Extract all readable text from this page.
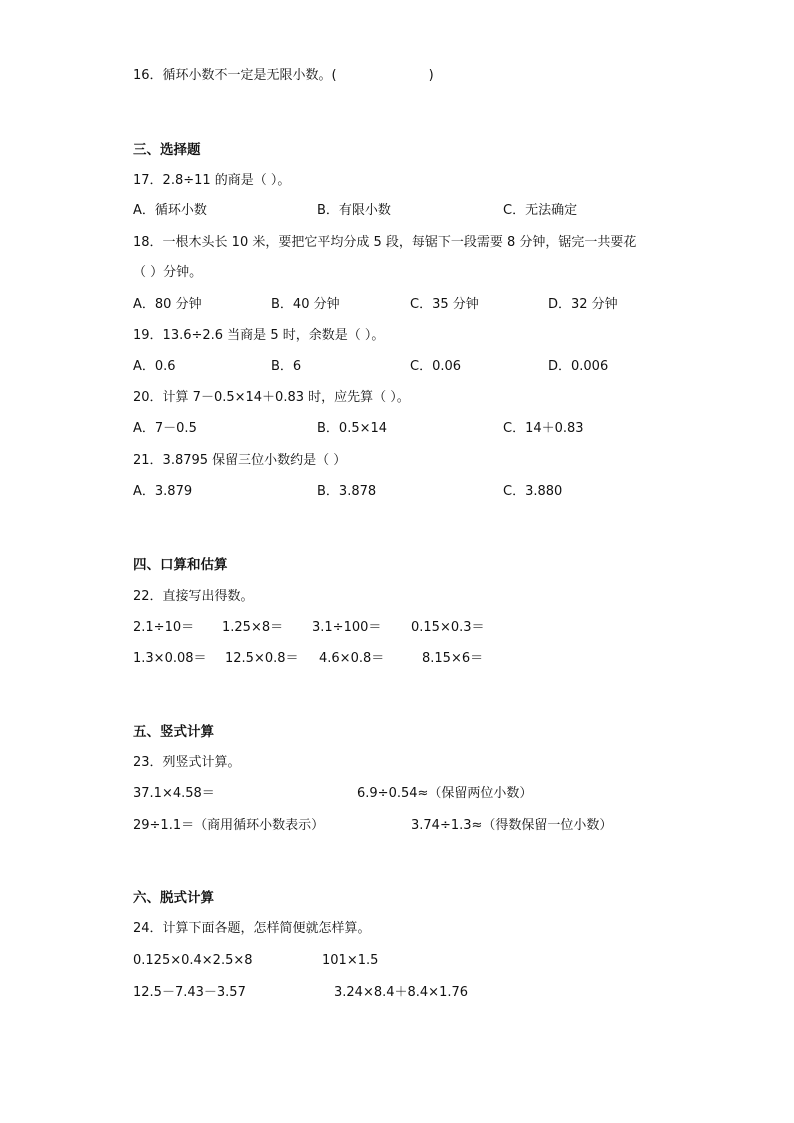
16．循环小数不一定是无限小数。(	)
三、选择题
17．2.8÷11 的商是（ ）。
A．循环小数	B．有限小数	C．无法确定
18．一根木头长 10 米，要把它平均分成 5 段，每锯下一段需要 8 分钟，锯完一共要花
（ ）分钟。
A．80 分钟	B．40 分钟	C．35 分钟	D．32 分钟
19．13.6÷2.6 当商是 5 时，余数是（ ）。
A．0.6	B．6	C．0.06	D．0.006
20．计算 7－0.5×14＋0.83 时，应先算（ ）。
A．7－0.5	B．0.5×14	C．14＋0.83
21．3.8795 保留三位小数约是（ ）
A．3.879	B．3.878	C．3.880
四、口算和估算
22．直接写出得数。
2.1÷10＝ 1.25×8＝ 3.1÷100＝ 0.15×0.3＝
1.3×0.08＝ 12.5×0.8＝ 4.6×0.8＝	8.15×6＝
五、竖式计算
23．列竖式计算。
37.1×4.58＝	6.9÷0.54≈（保留两位小数）
29÷1.1＝（商用循环小数表示）	3.74÷1.3≈（得数保留一位小数）
六、脱式计算
24．计算下面各题，怎样简便就怎样算。
0.125×0.4×2.5×8	101×1.5
12.5－7.43－3.57	3.24×8.4＋8.4×1.76
